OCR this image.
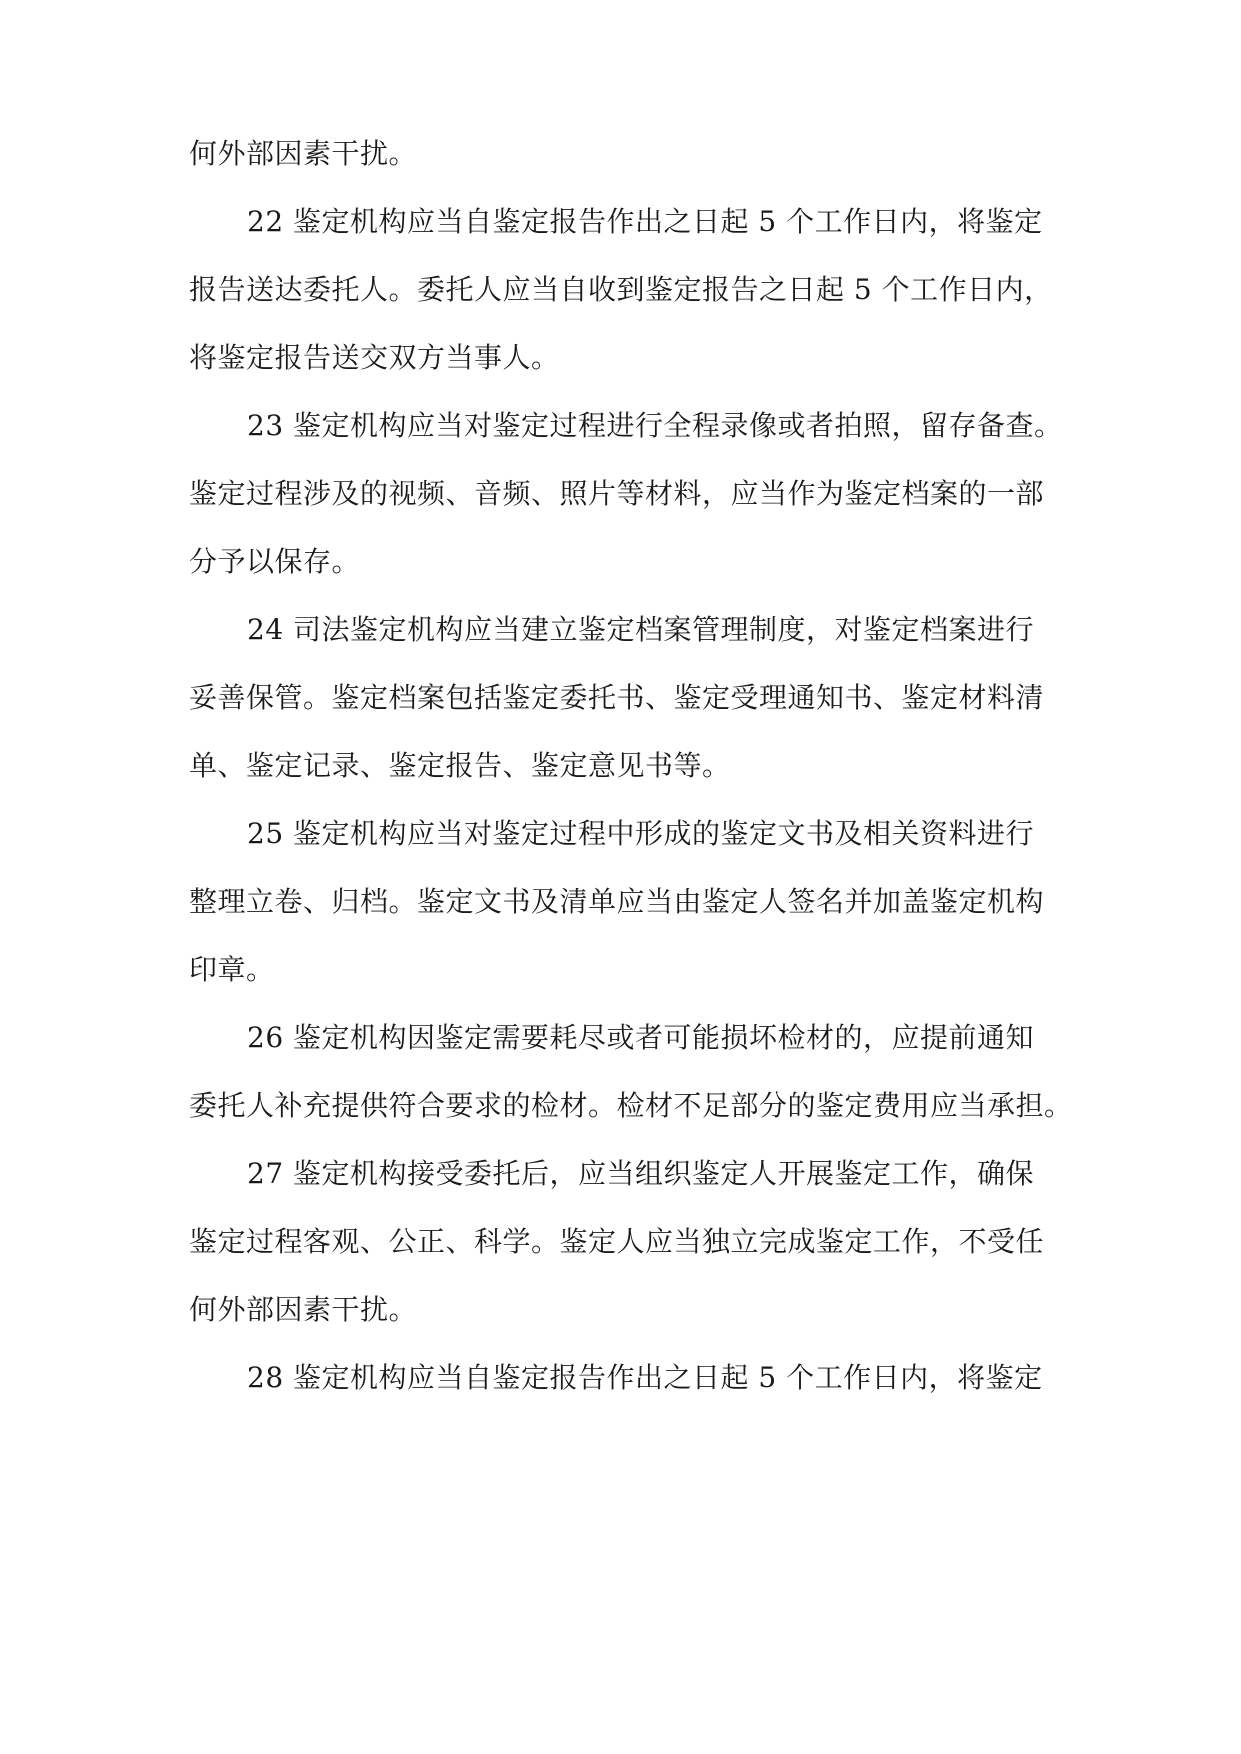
何外部因素干扰。
22 鉴定机构应当自鉴定报告作出之日起 5 个工作日内，将鉴定
报告送达委托人。委托人应当自收到鉴定报告之日起 5 个工作日内，
将鉴定报告送交双方当事人。
23 鉴定机构应当对鉴定过程进行全程录像或者拍照，留存备查。
鉴定过程涉及的视频、音频、照片等材料，应当作为鉴定档案的一部
分予以保存。
24 司法鉴定机构应当建立鉴定档案管理制度，对鉴定档案进行
妥善保管。鉴定档案包括鉴定委托书、鉴定受理通知书、鉴定材料清
单、鉴定记录、鉴定报告、鉴定意见书等。
25 鉴定机构应当对鉴定过程中形成的鉴定文书及相关资料进行
整理立卷、归档。鉴定文书及清单应当由鉴定人签名并加盖鉴定机构
印章。
26 鉴定机构因鉴定需要耗尽或者可能损坏检材的，应提前通知
委托人补充提供符合要求的检材。检材不足部分的鉴定费用应当承担。
27 鉴定机构接受委托后，应当组织鉴定人开展鉴定工作，确保
鉴定过程客观、公正、科学。鉴定人应当独立完成鉴定工作，不受任
何外部因素干扰。
28 鉴定机构应当自鉴定报告作出之日起 5 个工作日内，将鉴定
